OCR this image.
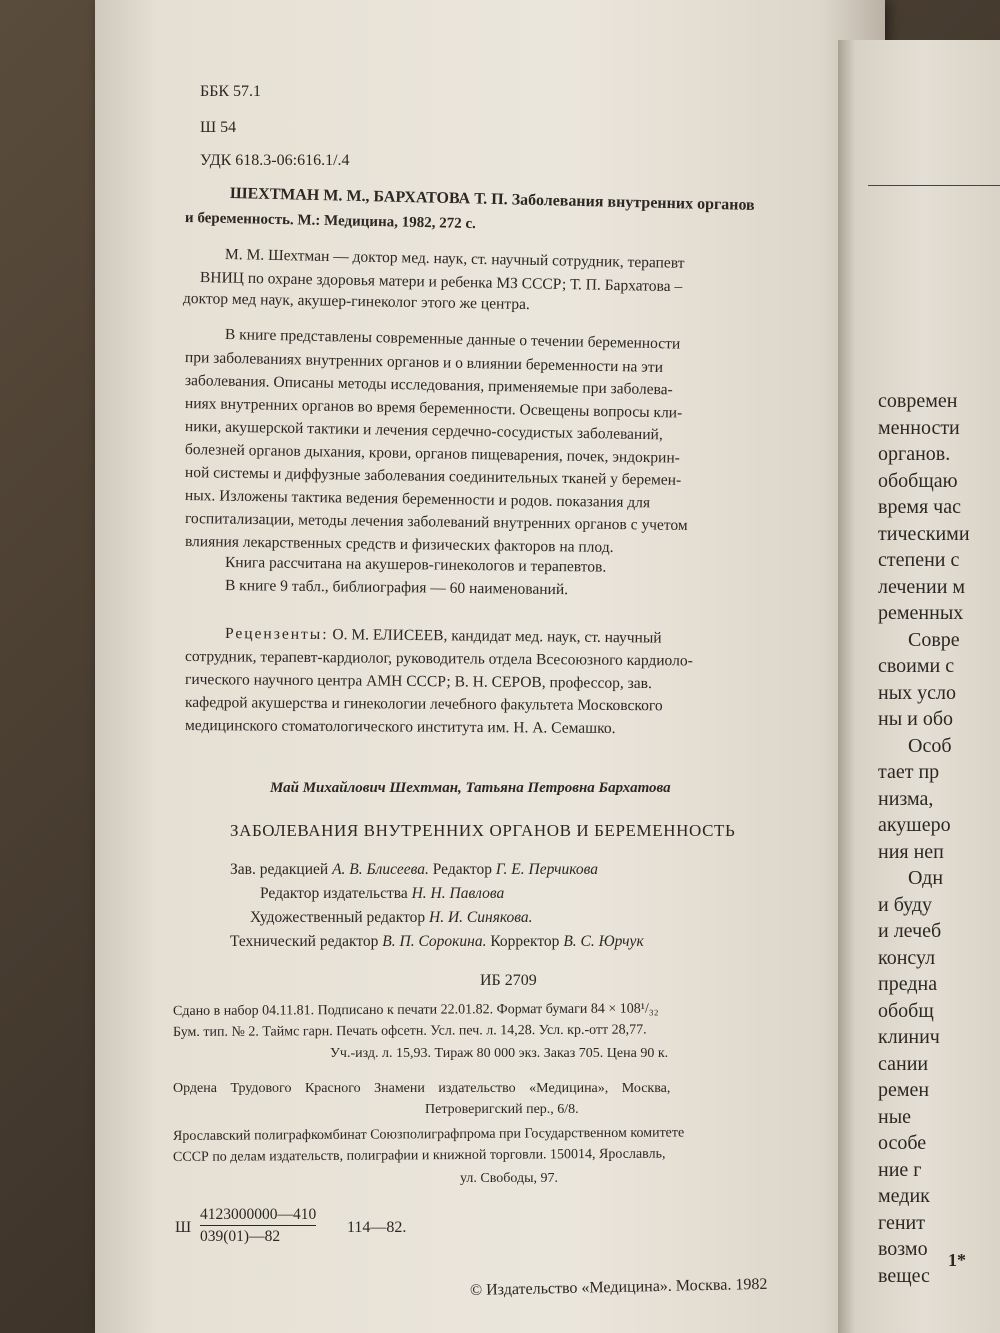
ББК 57.1
Ш 54
УДК 618.3-06:616.1/.4
ШЕХТМАН М. М., БАРХАТОВА Т. П. Заболевания внутренних органов
и беременность. М.: Медицина, 1982, 272 с.
М. М. Шехтман — доктор мед. наук, ст. научный сотрудник, терапевт
ВНИЦ по охране здоровья матери и ребенка МЗ СССР; Т. П. Бархатова –
доктор мед наук, акушер-гинеколог этого же центра.
В книге представлены современные данные о течении беременности
при заболеваниях внутренних органов и о влиянии беременности на эти
заболевания. Описаны методы исследования, применяемые при заболева-
ниях внутренних органов во время беременности. Освещены вопросы кли-
ники, акушерской тактики и лечения сердечно-сосудистых заболеваний,
болезней органов дыхания, крови, органов пищеварения, почек, эндокрин-
ной системы и диффузные заболевания соединительных тканей у беремен-
ных. Изложены тактика ведения беременности и родов. показания для
госпитализации, методы лечения заболеваний внутренних органов с учетом
влияния лекарственных средств и физических факторов на плод.
Книга рассчитана на акушеров-гинекологов и терапевтов.
В книге 9 табл., библиография — 60 наименований.
Рецензенты: О. М. ЕЛИСЕЕВ, кандидат мед. наук, ст. научный
сотрудник, терапевт-кардиолог, руководитель отдела Всесоюзного кардиоло-
гического научного центра АМН СССР; В. Н. СЕРОВ, профессор, зав.
кафедрой акушерства и гинекологии лечебного факультета Московского
медицинского стоматологического института им. Н. А. Семашко.
Май Михайлович Шехтман, Татьяна Петровна Бархатова
ЗАБОЛЕВАНИЯ ВНУТРЕННИХ ОРГАНОВ И БЕРЕМЕННОСТЬ
Зав. редакцией А. В. Блисеева. Редактор Г. Е. Перчикова
Редактор издательства Н. Н. Павлова
Художественный редактор Н. И. Синякова.
Технический редактор В. П. Сорокина. Корректор В. С. Юрчук
ИБ 2709
Сдано в набор 04.11.81. Подписано к печати 22.01.82. Формат бумаги 84 × 108¹/₃₂
Бум. тип. № 2. Таймс гарн. Печать офсетн. Усл. печ. л. 14,28. Усл. кр.-отт 28,77.
Уч.-изд. л. 15,93. Тираж 80 000 экз. Заказ 705. Цена 90 к.
Ордена Трудового Красного Знамени издательство «Медицина», Москва,
Петроверигский пер., 6/8.
Ярославский полиграфкомбинат Союзполиграфпрома при Государственном комитете
СССР по делам издательств, полиграфии и книжной торговли. 150014, Ярославль,
ул. Свободы, 97.
Ш $\frac{4123000000—410}{039(01)—82}$ 114—82.
© Издательство «Медицина». Москва. 1982
современ
менности
органов.
обобщаю
время час
тическими
степени с
лечении м
ременных
Совре
своими с
ных усло
ны и обо
Особ
тает пр
низма,
акушеро
ния неп
Одн
и буду
и лечеб
консул
предна
обобщ
клинич
сании
ремен
ные
особе
ние г
медик
генит
возмо
вещес
1*
